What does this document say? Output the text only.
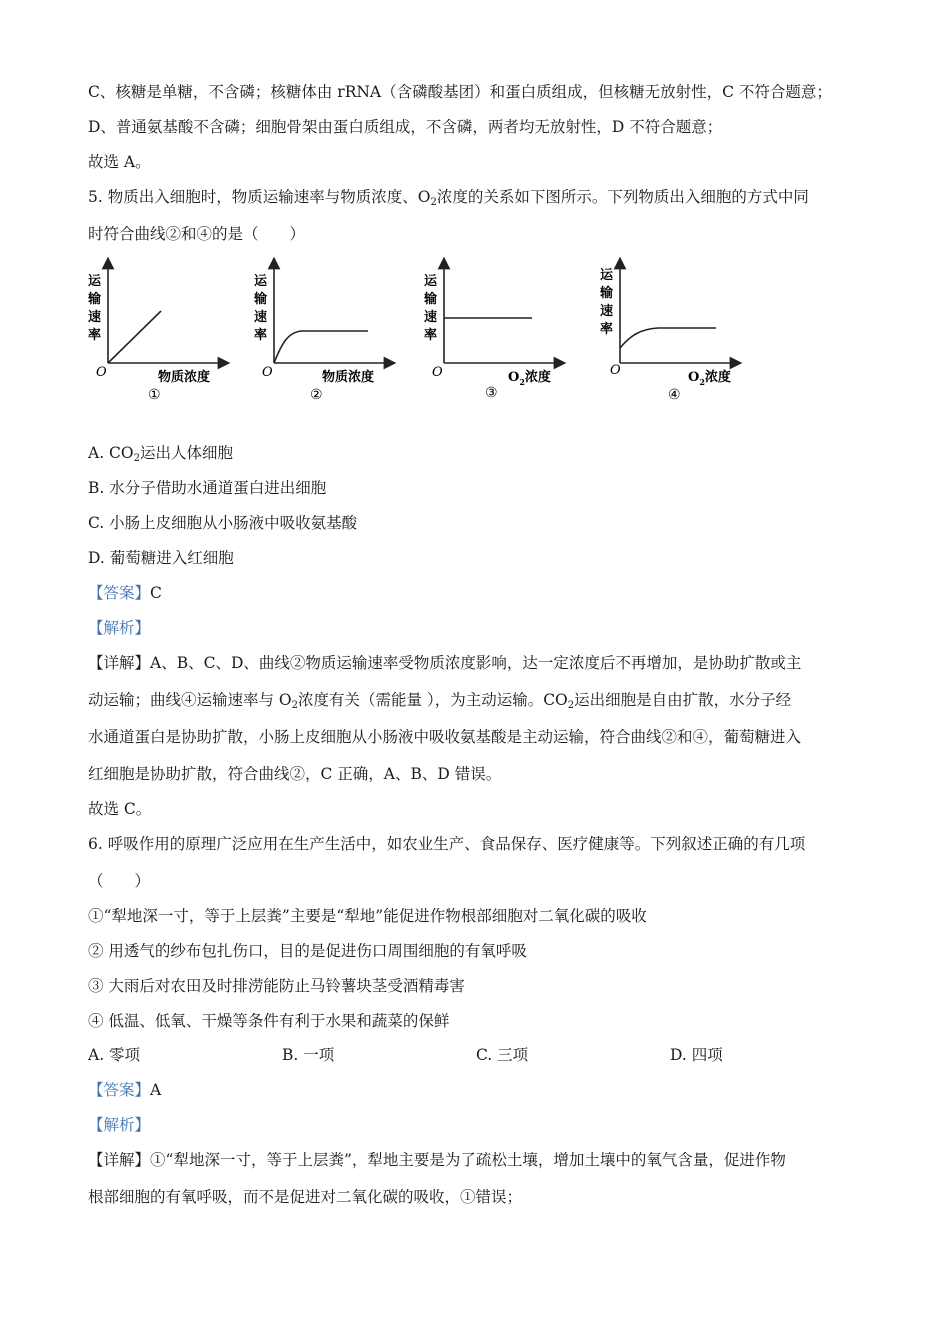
C、核糖是单糖，不含磷；核糖体由 rRNA（含磷酸基团）和蛋白质组成，但核糖无放射性，C 不符合题意；
D、普通氨基酸不含磷；细胞骨架由蛋白质组成，不含磷，两者均无放射性，D 不符合题意；
故选 A。
5. 物质出入细胞时，物质运输速率与物质浓度、$O_2$浓度的关系如下图所示。下列物质出入细胞的方式中同
时符合曲线②和④的是（　　）
运
输
速
率
O	物质浓度
①
运
输
速
率
O	物质浓度
②
运
输
速
率
O	$O_2$浓度
③
运
输
速
率
O	$O_2$浓度
④
A. $CO_2$运出人体细胞
B. 水分子借助水通道蛋白进出细胞
C. 小肠上皮细胞从小肠液中吸收氨基酸
D. 葡萄糖进入红细胞
【答案】C
【解析】
【详解】A、B、C、D、曲线②物质运输速率受物质浓度影响，达一定浓度后不再增加，是协助扩散或主
动运输；曲线④运输速率与 $O_2$浓度有关（需能量 ），为主动运输。$CO_2$运出细胞是自由扩散，水分子经
水通道蛋白是协助扩散，小肠上皮细胞从小肠液中吸收氨基酸是主动运输，符合曲线②和④，葡萄糖进入
红细胞是协助扩散，符合曲线②，C 正确，A、B、D 错误。
故选 C。
6. 呼吸作用的原理广泛应用在生产生活中，如农业生产、食品保存、医疗健康等。下列叙述正确的有几项
（　　）
①“犁地深一寸，等于上层粪”主要是“犁地”能促进作物根部细胞对二氧化碳的吸收
② 用透气的纱布包扎伤口，目的是促进伤口周围细胞的有氧呼吸
③ 大雨后对农田及时排涝能防止马铃薯块茎受酒精毒害
④ 低温、低氧、干燥等条件有利于水果和蔬菜的保鲜
A. 零项	B. 一项	C. 三项	D. 四项
【答案】A
【解析】
【详解】①“犁地深一寸，等于上层粪”，犁地主要是为了疏松土壤，增加土壤中的氧气含量，促进作物
根部细胞的有氧呼吸，而不是促进对二氧化碳的吸收，①错误；
